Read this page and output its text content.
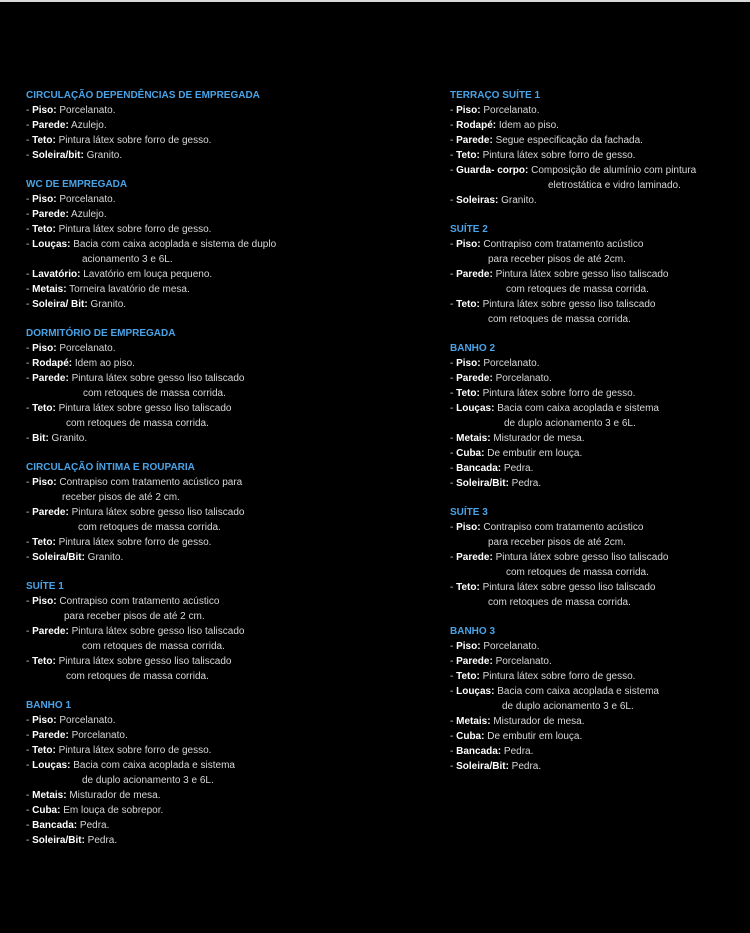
CIRCULAÇÃO DEPENDÊNCIAS DE EMPREGADA
- Piso: Porcelanato.
- Parede: Azulejo.
- Teto: Pintura látex sobre forro de gesso.
- Soleira/bit: Granito.
WC DE EMPREGADA
- Piso: Porcelanato.
- Parede: Azulejo.
- Teto: Pintura látex sobre forro de gesso.
- Louças: Bacia com caixa acoplada e sistema de duplo
acionamento 3 e 6L.
- Lavatório: Lavatório em louça pequeno.
- Metais: Torneira lavatório de mesa.
- Soleira/ Bit: Granito.
DORMITÓRIO DE EMPREGADA
- Piso: Porcelanato.
- Rodapé: Idem ao piso.
- Parede: Pintura látex sobre gesso liso taliscado
com retoques de massa corrida.
- Teto: Pintura látex sobre gesso liso taliscado
com retoques de massa corrida.
- Bit: Granito.
CIRCULAÇÃO ÍNTIMA E ROUPARIA
- Piso: Contrapiso com tratamento acústico para
receber pisos de até 2 cm.
- Parede: Pintura látex sobre gesso liso taliscado
com retoques de massa corrida.
- Teto: Pintura látex sobre forro de gesso.
- Soleira/Bit: Granito.
SUÍTE 1
- Piso: Contrapiso com tratamento acústico
para receber pisos de até 2 cm.
- Parede: Pintura látex sobre gesso liso taliscado
com retoques de massa corrida.
- Teto: Pintura látex sobre gesso liso taliscado
com retoques de massa corrida.
BANHO 1
- Piso: Porcelanato.
- Parede: Porcelanato.
- Teto: Pintura látex sobre forro de gesso.
- Louças: Bacia com caixa acoplada e sistema
de duplo acionamento 3 e 6L.
- Metais: Misturador de mesa.
- Cuba: Em louça de sobrepor.
- Bancada: Pedra.
- Soleira/Bit: Pedra.
TERRAÇO SUÍTE 1
- Piso: Porcelanato.
- Rodapé: Idem ao piso.
- Parede: Segue especificação da fachada.
- Teto: Pintura látex sobre forro de gesso.
- Guarda- corpo: Composição de alumínio com pintura
eletrostática e vidro laminado.
- Soleiras: Granito.
SUÍTE 2
- Piso: Contrapiso com tratamento acústico
para receber pisos de até 2cm.
- Parede: Pintura látex sobre gesso liso taliscado
com retoques de massa corrida.
- Teto: Pintura látex sobre gesso liso taliscado
com retoques de massa corrida.
BANHO 2
- Piso: Porcelanato.
- Parede: Porcelanato.
- Teto: Pintura látex sobre forro de gesso.
- Louças: Bacia com caixa acoplada e sistema
de duplo acionamento 3 e 6L.
- Metais: Misturador de mesa.
- Cuba: De embutir em louça.
- Bancada: Pedra.
- Soleira/Bit: Pedra.
SUÍTE 3
- Piso: Contrapiso com tratamento acústico
para receber pisos de até 2cm.
- Parede: Pintura látex sobre gesso liso taliscado
com retoques de massa corrida.
- Teto: Pintura látex sobre gesso liso taliscado
com retoques de massa corrida.
BANHO 3
- Piso: Porcelanato.
- Parede: Porcelanato.
- Teto: Pintura látex sobre forro de gesso.
- Louças: Bacia com caixa acoplada e sistema
de duplo acionamento 3 e 6L.
- Metais: Misturador de mesa.
- Cuba: De embutir em louça.
- Bancada: Pedra.
- Soleira/Bit: Pedra.
